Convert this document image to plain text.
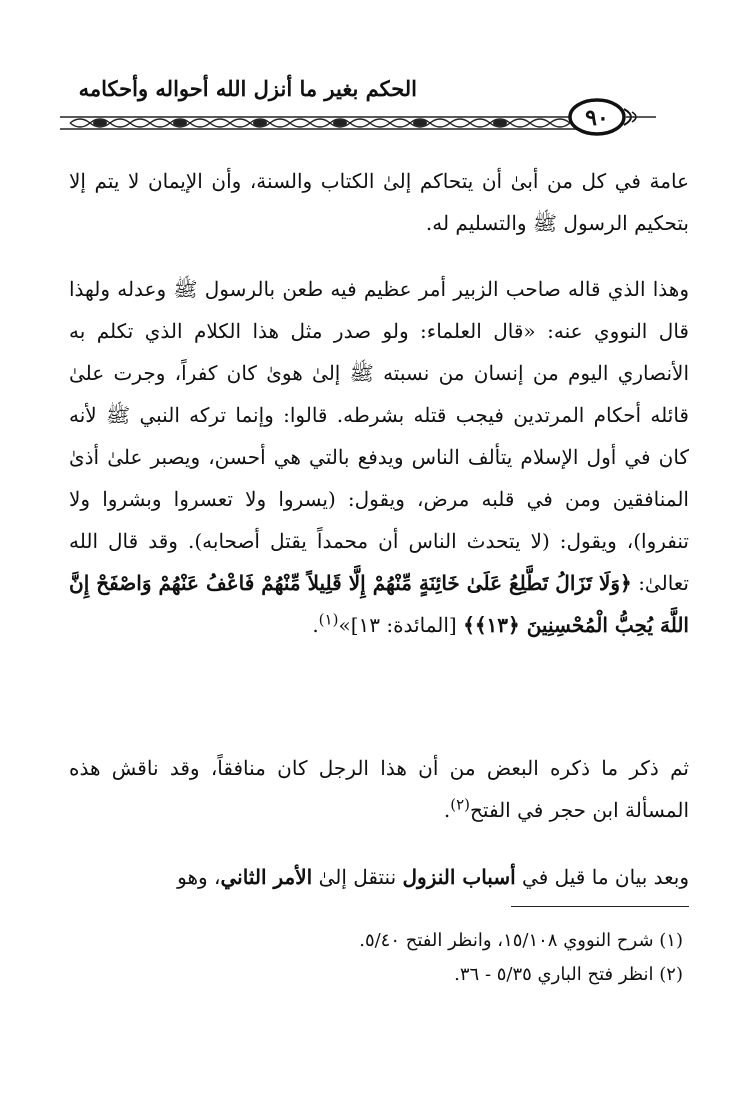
الحكم بغير ما أنزل الله أحواله وأحكامه
٩٠
عامة في كل من أبىٰ أن يتحاكم إلىٰ الكتاب والسنة، وأن الإيمان لا يتم إلا بتحكيم الرسول ﷺ والتسليم له.
وهذا الذي قاله صاحب الزبير أمر عظيم فيه طعن بالرسول ﷺ وعدله ولهذا قال النووي عنه: «قال العلماء: ولو صدر مثل هذا الكلام الذي تكلم به الأنصاري اليوم من إنسان من نسبته ﷺ إلىٰ هوىٰ كان كفراً، وجرت علىٰ قائله أحكام المرتدين فيجب قتله بشرطه. قالوا: وإنما تركه النبي ﷺ لأنه كان في أول الإسلام يتألف الناس ويدفع بالتي هي أحسن، ويصبر علىٰ أذىٰ المنافقين ومن في قلبه مرض، ويقول: (يسروا ولا تعسروا وبشروا ولا تنفروا)، ويقول: (لا يتحدث الناس أن محمداً يقتل أصحابه). وقد قال الله تعالىٰ: ﴿وَلَا تَزَالُ تَطَّلِعُ عَلَىٰ خَائِنَةٍ مِّنْهُمْ إِلَّا قَلِيلاً مِّنْهُمْ فَاعْفُ عَنْهُمْ وَاصْفَحْ إِنَّ اللَّهَ يُحِبُّ الْمُحْسِنِينَ ﴿١٣﴾﴾ [المائدة: ١٣]»$^{(١)}$.
ثم ذكر ما ذكره البعض من أن هذا الرجل كان منافقاً، وقد ناقش هذه المسألة ابن حجر في الفتح$^{(٢)}$.
وبعد بيان ما قيل في أسباب النزول ننتقل إلىٰ الأمر الثاني، وهو
(١) شرح النووي ١٥/١٠٨، وانظر الفتح ٥/٤٠.
(٢) انظر فتح الباري ٥/٣٥ - ٣٦.
